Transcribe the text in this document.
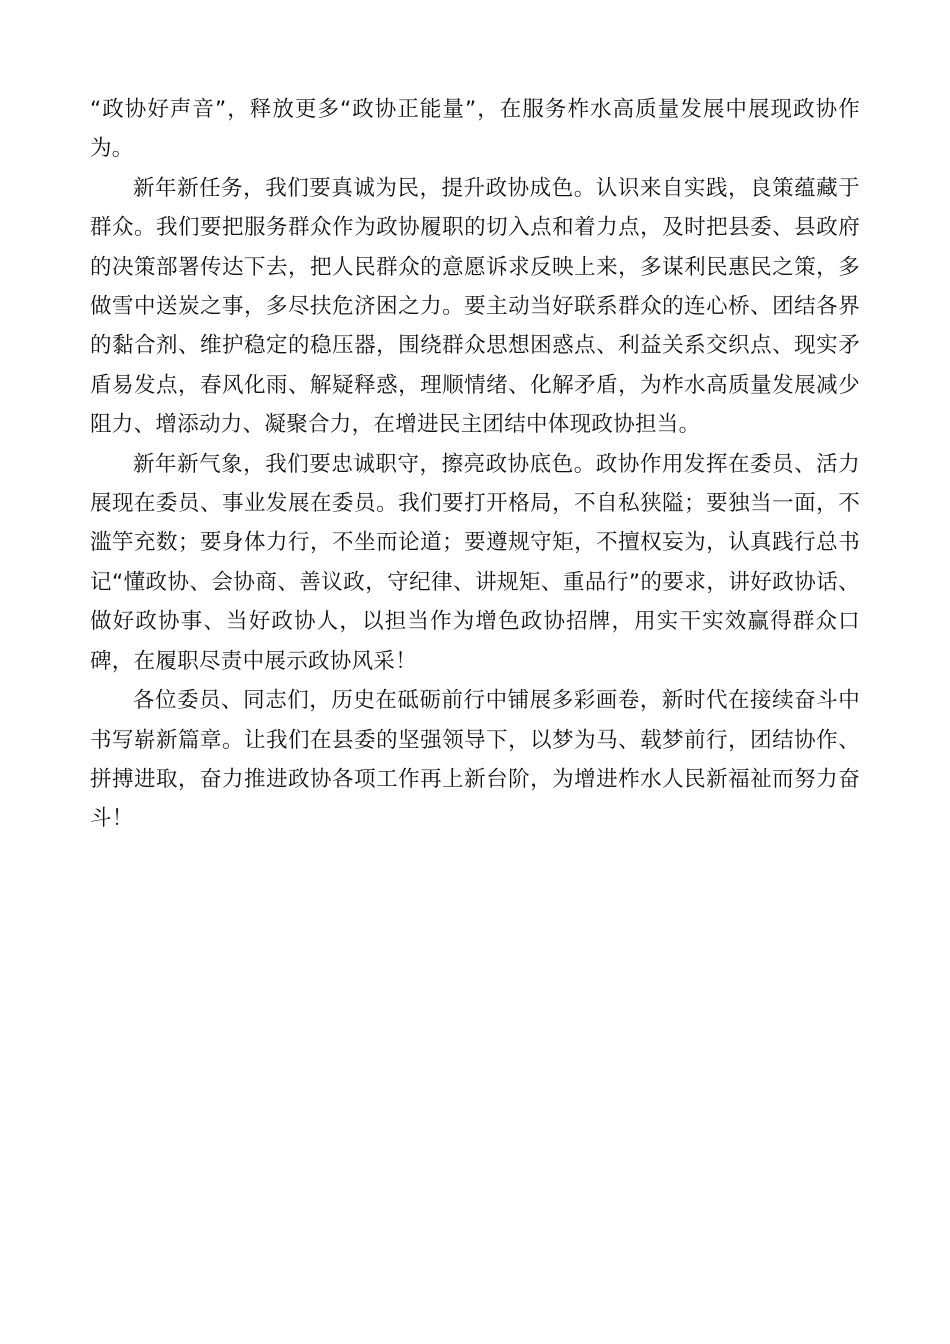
“政协好声音”，释放更多“政协正能量”，在服务柞水高质量发展中展现政协作为。

新年新任务，我们要真诚为民，提升政协成色。认识来自实践，良策蕴藏于群众。我们要把服务群众作为政协履职的切入点和着力点，及时把县委、县政府的决策部署传达下去，把人民群众的意愿诉求反映上来，多谋利民惠民之策，多做雪中送炭之事，多尽扶危济困之力。要主动当好联系群众的连心桥、团结各界的黏合剂、维护稳定的稳压器，围绕群众思想困惑点、利益关系交织点、现实矛盾易发点，春风化雨、解疑释惑，理顺情绪、化解矛盾，为柞水高质量发展减少阻力、增添动力、凝聚合力，在增进民主团结中体现政协担当。

新年新气象，我们要忠诚职守，擦亮政协底色。政协作用发挥在委员、活力展现在委员、事业发展在委员。我们要打开格局，不自私狭隘；要独当一面，不滥竽充数；要身体力行，不坐而论道；要遵规守矩，不擅权妄为，认真践行总书记“懂政协、会协商、善议政，守纪律、讲规矩、重品行”的要求，讲好政协话、做好政协事、当好政协人，以担当作为增色政协招牌，用实干实效赢得群众口碑，在履职尽责中展示政协风采！

各位委员、同志们，历史在砥砺前行中铺展多彩画卷，新时代在接续奋斗中书写崭新篇章。让我们在县委的坚强领导下，以梦为马、载梦前行，团结协作、拼搏进取，奋力推进政协各项工作再上新台阶，为增进柞水人民新福祉而努力奋斗！
